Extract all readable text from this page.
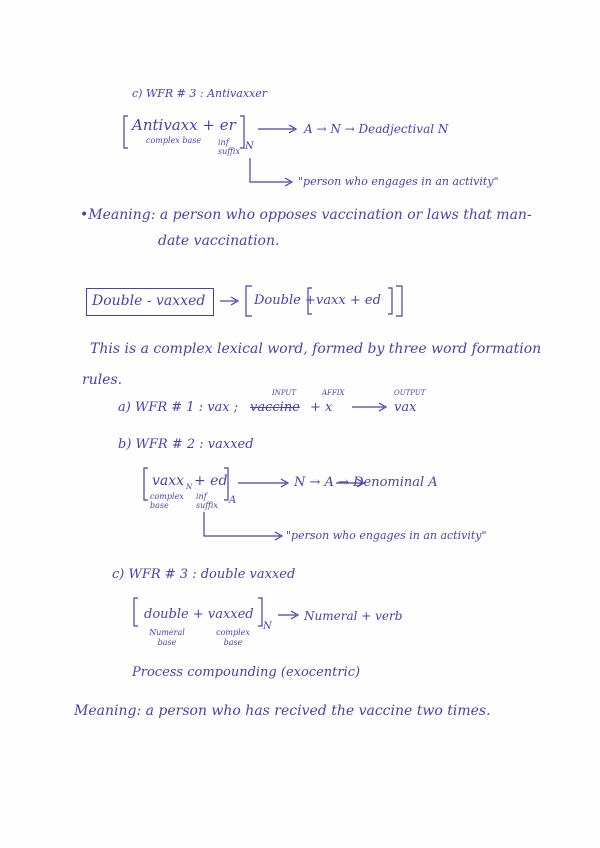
c) WFR # 3 : Antivaxxer
Antivaxx + er
complex base inf suffix N
A → N → Deadjectival N
"person who engages in an activity"
•Meaning: a person who opposes vaccination or laws that man-
date vaccination.
Double - vaxxed	Double + vaxx + ed
This is a complex lexical word, formed by three word formation
rules.
INPUT	AFFIX	OUTPUT
a) WFR # 1 : vax ; vaccine + x	vax
b) WFR # 2 : vaxxed
vaxx N + ed
complex base
inf suffix	A
N → A → Denominal A
"person who engages in an activity"
c) WFR # 3 : double vaxxed
double + vaxxed
Numeral base
complex base
N
Numeral + verb
Process compounding (exocentric)
Meaning: a person who has recived the vaccine two times.
